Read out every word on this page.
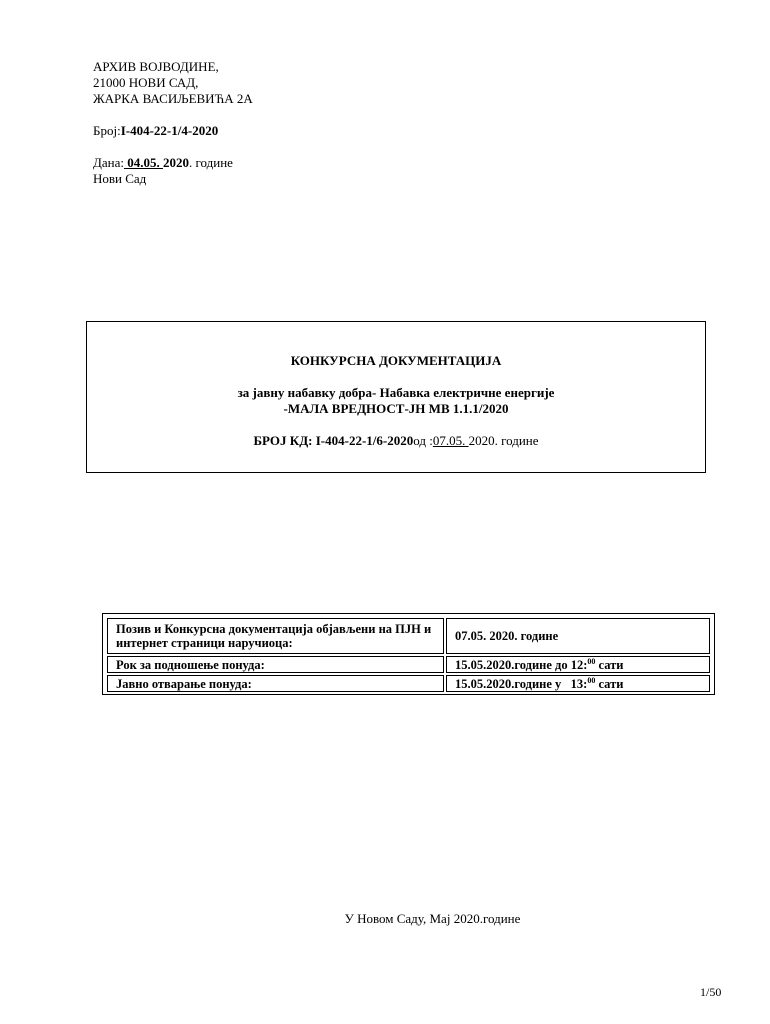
АРХИВ ВОЈВОДИНЕ,
21000 НОВИ САД,
ЖАРКА ВАСИЉЕВИЋА 2А
Број:I-404-22-1/4-2020
Дана: 04.05. 2020. године
Нови Сад
КОНКУРСНА ДОКУМЕНТАЦИЈА
за јавну набавку добра- Набавка електричне енергије
-МАЛА ВРЕДНОСТ-ЈН МВ 1.1.1/2020
БРОЈ КД: I-404-22-1/6-2020од :07.05. 2020. године
Позив и Конкурсна документација објављени на ПЈН и интернет страници наручиоца:	07.05. 2020. године
Рок за подношење понуда:	15.05.2020.године до 12:$^{00}$ сати
Јавно отварање понуда:	15.05.2020.године у   13:$^{00}$ сати
У Новом Саду, Мај 2020.године
1/50
